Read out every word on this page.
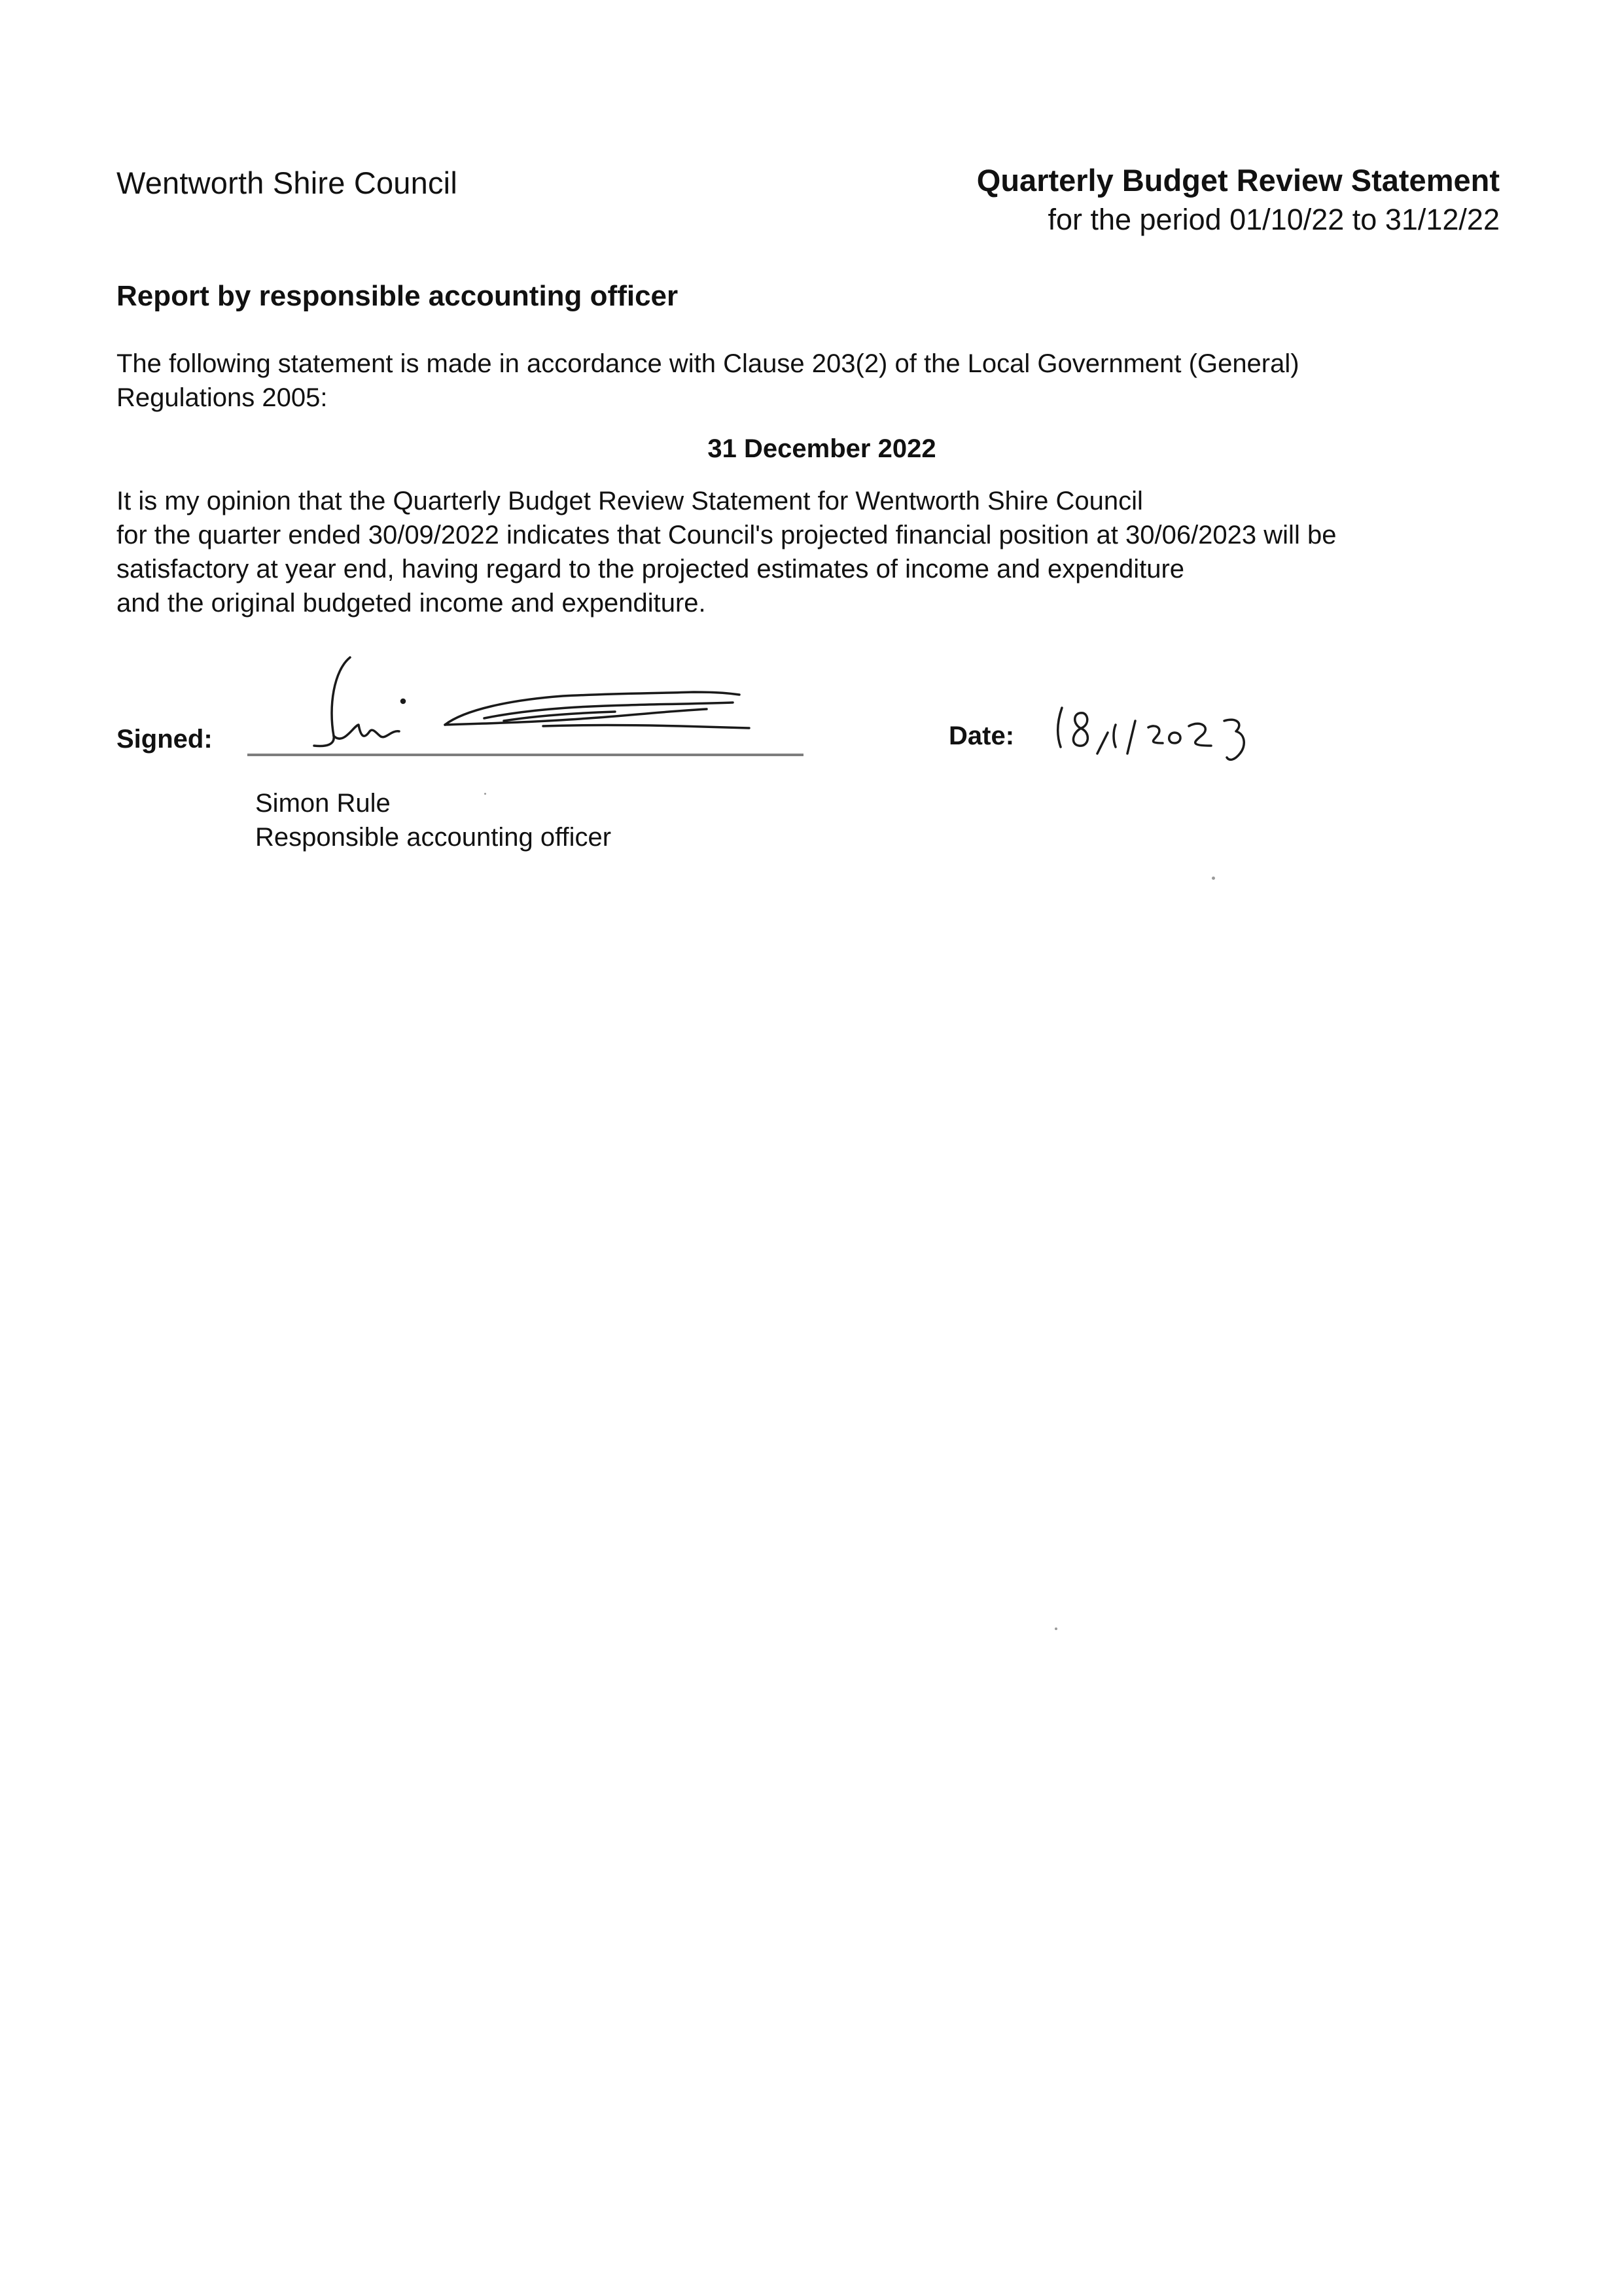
Wentworth Shire Council	Quarterly Budget Review Statement
for the period 01/10/22 to 31/12/22
Report by responsible accounting officer
The following statement is made in accordance with Clause 203(2) of the Local Government (General)
Regulations 2005:
31 December 2022
It is my opinion that the Quarterly Budget Review Statement for Wentworth Shire Council
for the quarter ended 30/09/2022 indicates that Council's projected financial position at 30/06/2023 will be
satisfactory at year end, having regard to the projected estimates of income and expenditure
and the original budgeted income and expenditure.
Signed:	Date:
Simon Rule
Responsible accounting officer
